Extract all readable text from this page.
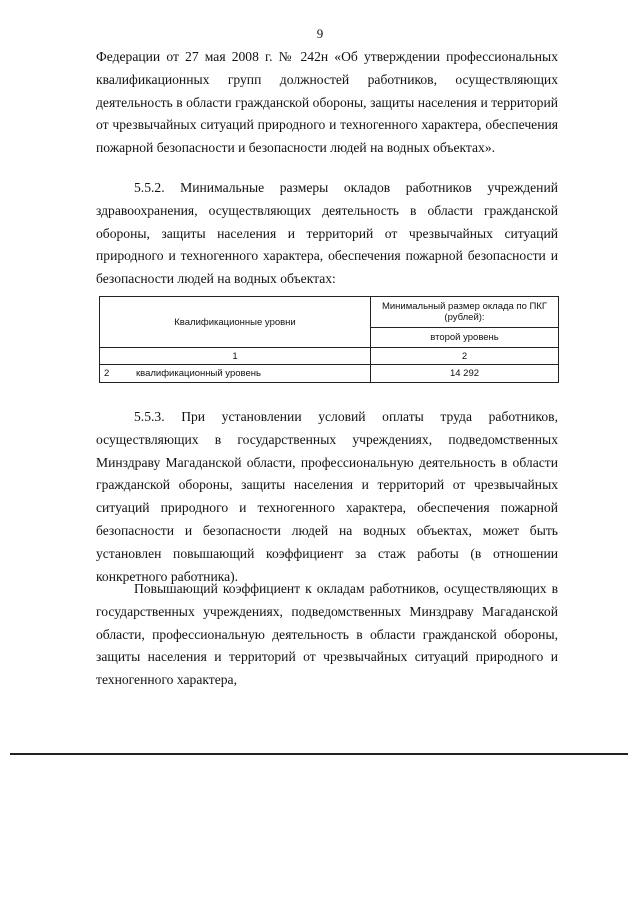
9
Федерации от 27 мая 2008 г. № 242н «Об утверждении профессиональных квалификационных групп должностей работников, осуществляющих деятельность в области гражданской обороны, защиты населения и территорий от чрезвычайных ситуаций природного и техногенного характера, обеспечения пожарной безопасности и безопасности людей на водных объектах».
5.5.2. Минимальные размеры окладов работников учреждений здравоохранения, осуществляющих деятельность в области гражданской обороны, защиты населения и территорий от чрезвычайных ситуаций природного и техногенного характера, обеспечения пожарной безопасности и безопасности людей на водных объектах:
Квалификационные уровни	Минимальный размер оклада по ПКГ (рублей):
	второй уровень
1	2
2 квалификационный уровень	14 292
5.5.3. При установлении условий оплаты труда работников, осуществляющих в государственных учреждениях, подведомственных Минздраву Магаданской области, профессиональную деятельность в области гражданской обороны, защиты населения и территорий от чрезвычайных ситуаций природного и техногенного характера, обеспечения пожарной безопасности и безопасности людей на водных объектах, может быть установлен повышающий коэффициент за стаж работы (в отношении конкретного работника).
Повышающий коэффициент к окладам работников, осуществляющих в государственных учреждениях, подведомственных Минздраву Магаданской области, профессиональную деятельность в области гражданской обороны, защиты населения и территорий от чрезвычайных ситуаций природного и техногенного характера,
